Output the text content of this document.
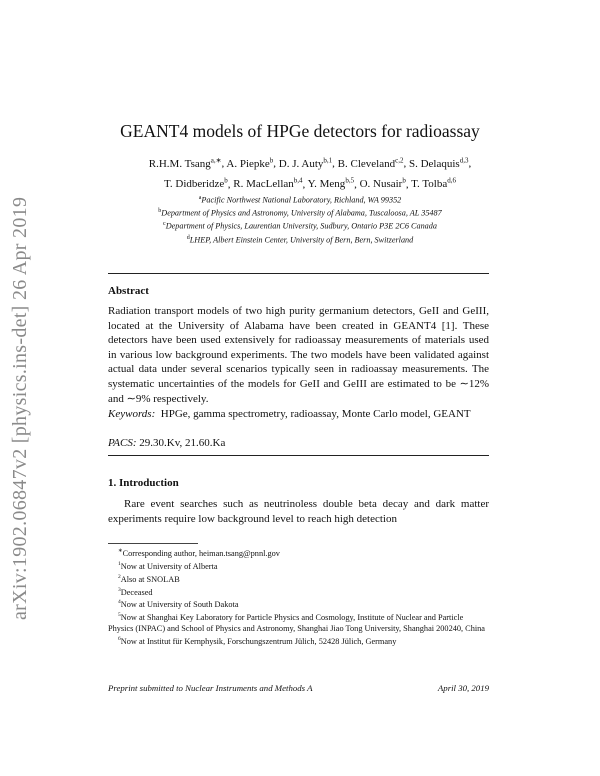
arXiv:1902.06847v2 [physics.ins-det] 26 Apr 2019
GEANT4 models of HPGe detectors for radioassay
R.H.M. Tsang$^{a,∗}$, A. Piepke$^b$, D. J. Auty$^{b,1}$, B. Cleveland$^{c,2}$, S. Delaquis$^{d,3}$,
T. Didberidze$^b$, R. MacLellan$^{b,4}$, Y. Meng$^{b,5}$, O. Nusair$^b$, T. Tolba$^{d,6}$
$^a$Pacific Northwest National Laboratory, Richland, WA 99352
$^b$Department of Physics and Astronomy, University of Alabama, Tuscaloosa, AL 35487
$^c$Department of Physics, Laurentian University, Sudbury, Ontario P3E 2C6 Canada
$^d$LHEP, Albert Einstein Center, University of Bern, Bern, Switzerland
Abstract
Radiation transport models of two high purity germanium detectors, GeII and GeIII, located at the University of Alabama have been created in GEANT4 [1]. These detectors have been used extensively for radioassay measurements of materials used in various low background experiments. The two models have been validated against actual data under several scenarios typically seen in radioassay measurements. The systematic uncertainties of the models for GeII and GeIII are estimated to be ∼12% and ∼9% respectively.
Keywords: HPGe, gamma spectrometry, radioassay, Monte Carlo model, GEANT
PACS: 29.30.Kv, 21.60.Ka
1. Introduction
Rare event searches such as neutrinoless double beta decay and dark matter experiments require low background level to reach high detection
∗Corresponding author, heiman.tsang@pnnl.gov
$^1$Now at University of Alberta
$^2$Also at SNOLAB
$^3$Deceased
$^4$Now at University of South Dakota
$^5$Now at Shanghai Key Laboratory for Particle Physics and Cosmology, Institute of Nuclear and Particle Physics (INPAC) and School of Physics and Astronomy, Shanghai Jiao Tong University, Shanghai 200240, China
$^6$Now at Institut für Kernphysik, Forschungszentrum Jülich, 52428 Jülich, Germany
Preprint submitted to Nuclear Instruments and Methods A	April 30, 2019
